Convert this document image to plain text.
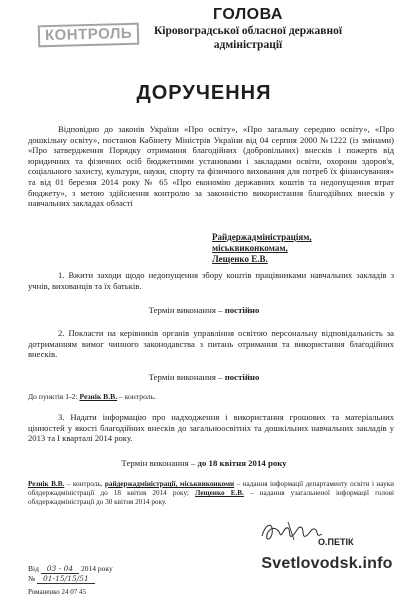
КОНТРОЛЬ
ГОЛОВА
Кіровоградської обласної державної
адміністрації
ДОРУЧЕННЯ
Відповідно до законів України «Про освіту», «Про загальну середню освіту», «Про дошкільну освіту», постанов Кабінету Міністрів України від 04 серпня 2000 №1222 (із змінами) «Про затвердження Порядку отримання благодійних (добровільних) внесків і пожертв від юридичних та фізичних осіб бюджетними установами і закладами освіти, охорони здоров'я, соціального захисту, культури, науки, спорту та фізичного виховання для потреб їх фінансування» та від 01 березня 2014 року № 65 «Про економію державних коштів та недопущення втрат бюджету», з метою здійснення контролю за законністю використання благодійних внесків у навчальних закладах області
Райдержадміністраціям,
міськвиконкомам,
Лещенко Е.В.
1. Вжити заходи щодо недопущення збору коштів працівниками навчальних закладів з учнів, вихованців та їх батьків.
Термін виконання – постійно
2. Покласти на керівників органів управління освітою персональну відповідальність за дотриманням вимог чинного законодавства з питань отримання та використання благодійних внесків.
Термін виконання – постійно
До пунктів 1-2: Резнік В.В. – контроль.
3. Надати інформацію про надходження і використання грошових та матеріальних цінностей у якості благодійних внесків до загальноосвітніх та дошкільних навчальних закладів у 2013 та І кварталі 2014 року.
Термін виконання – до 18 квітня 2014 року
Резнік В.В. – контроль, райдержадміністрації, міськвиконкоми – надання інформації департаменту освіти і науки облдержадміністрації до 18 квітня 2014 року; Лещенко Е.В. – надання узагальненої інформації голові облдержадміністрації до 30 квітня 2014 року.
О.ПЕТІК
Від 03 - 04 2014 року
№ 01-15/15/51
Романенко 24 07 45
Svetlovodsk.info
